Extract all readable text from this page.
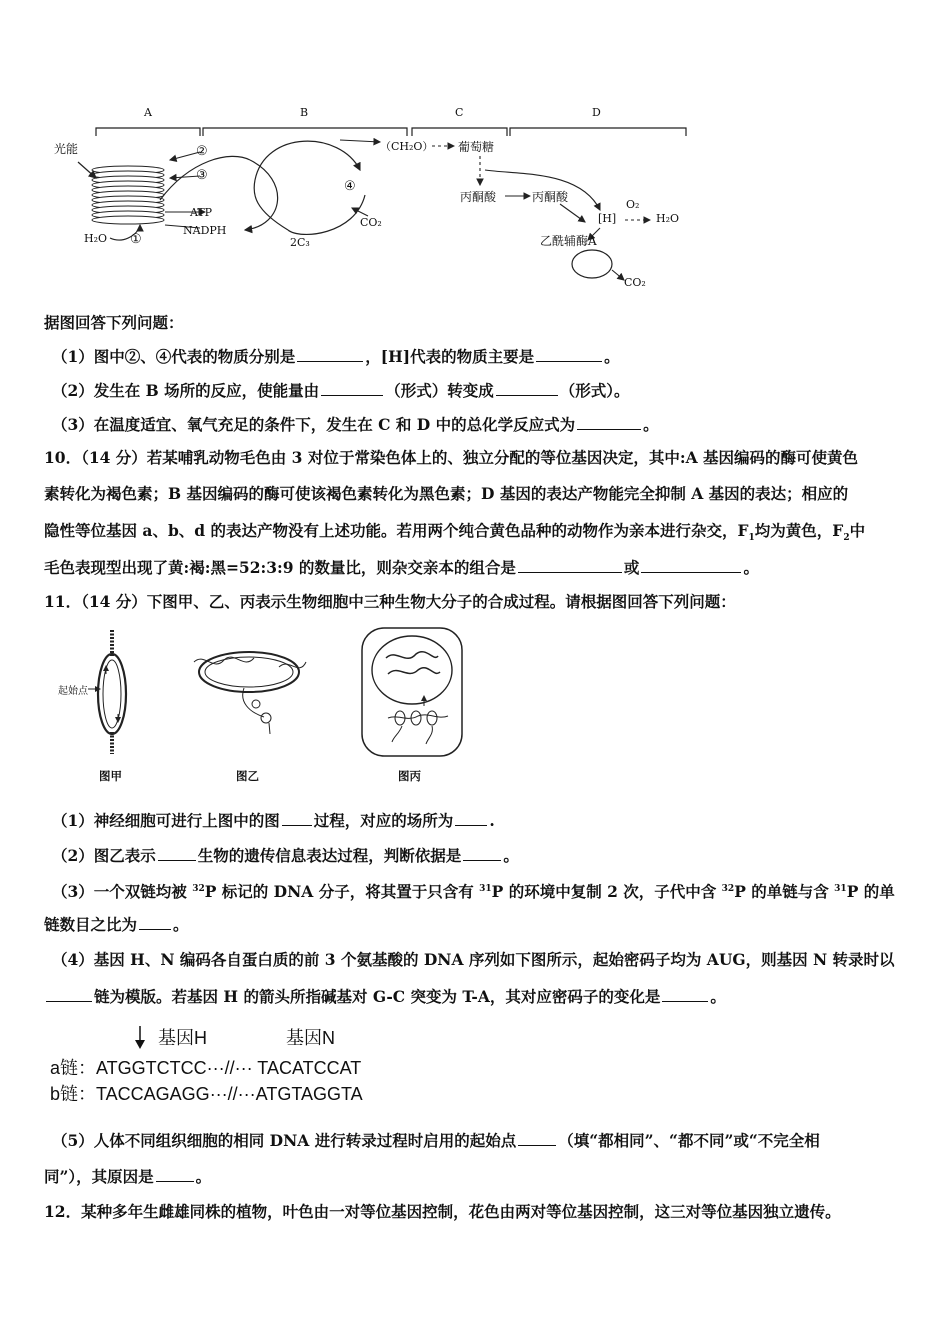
A	B	C	D
光能	②
③
④
①
ATP
NADPH
H₂O
（CH₂O） 葡萄糖
CO₂
2C₃
丙酮酸	丙酮酸
[H]
O₂
H₂O
乙酰辅酶A
CO₂
据图回答下列问题：
（1）图中②、④代表的物质分别是	，[H]代表的物质主要是	。
（2）发生在 B 场所的反应，使能量由	（形式）转变成	（形式）。
（3）在温度适宜、氧气充足的条件下，发生在 C 和 D 中的总化学反应式为	。
10．（14 分）若某哺乳动物毛色由 3 对位于常染色体上的、独立分配的等位基因决定，其中:A 基因编码的酶可使黄色
素转化为褐色素；B 基因编码的酶可使该褐色素转化为黑色素；D 基因的表达产物能完全抑制 A 基因的表达；相应的
隐性等位基因 a、b、d 的表达产物没有上述功能。若用两个纯合黄色品种的动物作为亲本进行杂交，$F_1$均为黄色，$F_2$中
毛色表现型出现了黄:褐:黑=52:3:9 的数量比，则杂交亲本的组合是	或	。
11．（14 分）下图甲、乙、丙表示生物细胞中三种生物大分子的合成过程。请根据图回答下列问题：
起始点
图甲	图乙	图丙
（1）神经细胞可进行上图中的图 过程，对应的场所为 .
（2）图乙表示	生物的遗传信息表达过程，判断依据是	。
（3）一个双链均被 $^{32}$P 标记的 DNA 分子，将其置于只含有 $^{31}$P 的环境中复制 2 次，子代中含 $^{32}$P 的单链与含 $^{31}$P 的单
链数目之比为 。
（4）基因 H、N 编码各自蛋白质的前 3 个氨基酸的 DNA 序列如下图所示，起始密码子均为 AUG，则基因 N 转录时以
链为模版。若基因 H 的箭头所指碱基对 G-C 突变为 T-A，其对应密码子的变化是	。
基因H	基因N
a链：ATGGTCTCC···//··· TACATCCAT
b链：TACCAGAGG···//···ATGTAGGTA
（5）人体不同组织细胞的相同 DNA 进行转录过程时启用的起始点	（填“都相同”、“都不同”或“不完全相
同”），其原因是	。
12．某种多年生雌雄同株的植物，叶色由一对等位基因控制，花色由两对等位基因控制，这三对等位基因独立遗传。
